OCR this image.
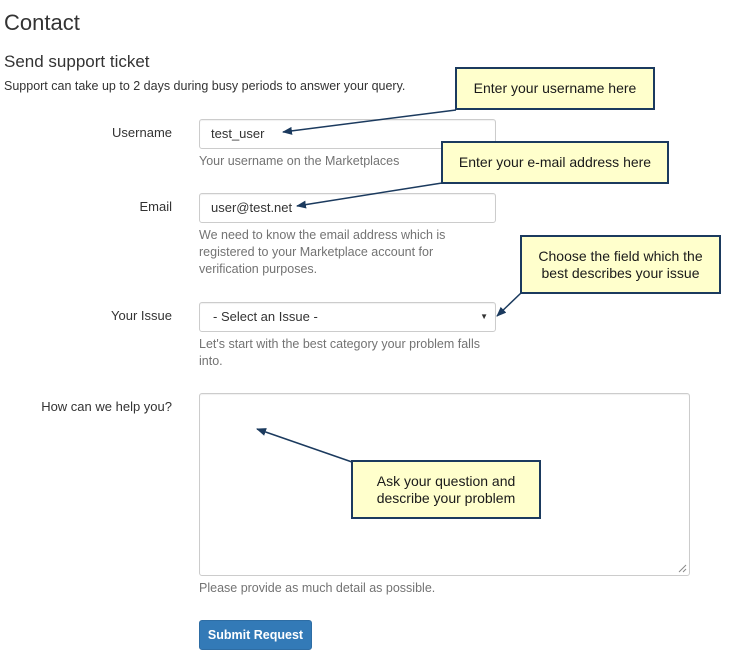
Contact
Send support ticket
Support can take up to 2 days during busy periods to answer your query.
Username	test_user
Your username on the Marketplaces
Email	user@test.net
We need to know the email address which is
registered to your Marketplace account for
verification purposes.
Your Issue	- Select an Issue -	▼
Let's start with the best category your problem falls
into.
How can we help you?
Please provide as much detail as possible.
Submit Request
Enter your username here
Enter your e-mail address here
Choose the field which the
best describes your issue
Ask your question and
describe your problem
